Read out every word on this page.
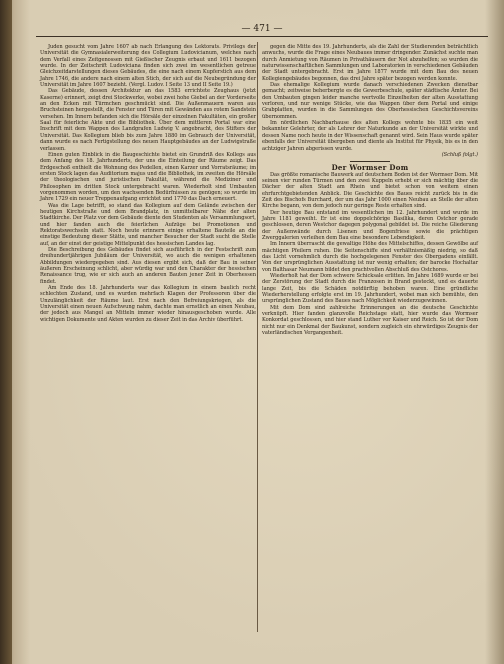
— 471 —

Juden gesucht vom Jahre 1607 ab nach Erlangung des Lektorats. Privilegs der Universität die Gymnasialerweiterung des Collegium Ludovicianum, welches nach dem Verfall eines Zeitgenossen mit Gießischer Zeugnis erbaut und 1611 bezogen wurde. In der Zeitschrift Ludoviciana finden sich zwei im wesentlichen getreue Gleichzeitdarstellungen dieses Gebäudes, die eine nach einem Kupferstich aus dem Jahre 1746, die andere nach einem alten Stich, der sich auf die Neubegründung der Universität im Jahre 1607 bezieht. (Vergl. Ludov. I Seite 13 und II Seite 19.)

Das Gebäude, dessen Architektur an das 1583 errichtete Zeughaus (jetzt Kaserne) erinnert, zeigt drei Stockwerke, wobei zwei hohe Giebel an der Vorderseite an den Ecken mit Türmchen geschmückt sind. Die Außenmauern waren aus Bruchsteinen hergestellt, die Fenster und Türen mit Gewänden aus rotem Sandstein versehen. Im Innern befanden sich die Hörsäle der einzelnen Fakultäten, ein großer Saal für feierliche Akte und die Bibliothek. Über dem mittleren Portal war eine Inschrift mit dem Wappen des Landgrafen Ludwig V. angebracht, des Stifters der Universität. Das Kollegium blieb bis zum Jahre 1880 im Gebrauch der Universität, dann wurde es nach Fertigstellung des neuen Hauptgebäudes an der Ludwigstraße verlassen.

Einen guten Einblick in die Baugeschichte bietet ein Grundriß des Kollegs aus dem Anfang des 18. Jahrhunderts, der uns die Einteilung der Räume zeigt. Das Erdgeschoß enthielt die Wohnung des Pedellen, einen Karzer und Vorratsräume; im ersten Stock lagen das Auditorium majus und die Bibliothek, im zweiten die Hörsäle der theologischen und juristischen Fakultät, während die Mediziner und Philosophen im dritten Stock untergebracht waren. Wiederholt sind Umbauten vorgenommen worden, um den wachsenden Bedürfnissen zu genügen; so wurde im Jahre 1729 ein neuer Treppenaufgang errichtet und 1770 das Dach erneuert.

Was die Lage betrifft, so stand das Kollegium auf dem Gelände zwischen der heutigen Kirchstraße und dem Brandplatz, in unmittelbarer Nähe der alten Stadtkirche. Der Platz vor dem Gebäude diente den Studenten als Versammlungsort, und hier fanden auch die feierlichen Aufzüge bei Promotionen und Rektoratswechseln statt. Noch heute erinnern einige erhaltene Bauteile an die einstige Bedeutung dieser Stätte, und mancher Besucher der Stadt sucht die Stelle auf, an der einst der geistige Mittelpunkt des hessischen Landes lag.

Die Beschreibung des Gebäudes findet sich ausführlich in der Festschrift zum dreihundertjährigen Jubiläum der Universität, wo auch die wenigen erhaltenen Abbildungen wiedergegeben sind. Aus diesen ergibt sich, daß der Bau in seiner äußeren Erscheinung schlicht, aber würdig war und den Charakter der hessischen Renaissance trug, wie er sich auch an anderen Bauten jener Zeit in Oberhessen findet.

Am Ende des 18. Jahrhunderts war das Kollegium in einem baulich recht schlechten Zustand, und es wurden mehrfach Klagen der Professoren über die Unzulänglichkeit der Räume laut. Erst nach den Befreiungskriegen, als die Universität einen neuen Aufschwung nahm, dachte man ernstlich an einen Neubau, der jedoch aus Mangel an Mitteln immer wieder hinausgeschoben wurde. Alle wichtigen Dokumente und Akten wurden zu dieser Zeit in das Archiv überführt.

gegen die Mitte des 19. Jahrhunderts, als die Zahl der Studierenden beträchtlich anwuchs, wurde die Frage eines Neubaues immer dringender. Zunächst suchte man durch Anmietung von Räumen in Privathäusern der Not abzuhelfen; so wurden die naturwissenschaftlichen Sammlungen und Laboratorien in verschiedenen Gebäuden der Stadt untergebracht. Erst im Jahre 1877 wurde mit dem Bau des neuen Kollegiengebäudes begonnen, das drei Jahre später bezogen werden konnte.

Das ehemalige Kollegium wurde danach verschiedenen Zwecken dienstbar gemacht; zeitweise beherbergte es die Gewerbeschule, später städtische Ämter. Bei den Umbauten gingen leider manche wertvolle Einzelheiten der alten Ausstattung verloren, und nur wenige Stücke, wie das Wappen über dem Portal und einige Grabplatten, wurden in die Sammlungen des Oberhessischen Geschichtsvereins übernommen.

Im nördlichen Nachbarhause des alten Kollegs wohnte bis 1835 ein weit bekannter Gelehrter, der als Lehrer der Naturkunde an der Universität wirkte und dessen Name noch heute in der Wissenschaft genannt wird. Sein Haus wurde später ebenfalls der Universität übergeben und diente als Institut für Physik, bis es in den achtziger Jahren abgerissen wurde.

(Schluß folgt.)

Der Wormser Dom

Das größte romanische Bauwerk auf deutschem Boden ist der Wormser Dom. Mit seinen vier runden Türmen und den zwei Kuppeln erhebt er sich mächtig über die Dächer der alten Stadt am Rhein und bietet schon von weitem einen ehrfurchtgebietenden Anblick. Die Geschichte des Baues reicht zurück bis in die Zeit des Bischofs Burchard, der um das Jahr 1000 einen Neubau an Stelle der alten Kirche begann, von dem jedoch nur geringe Reste erhalten sind.

Der heutige Bau entstand im wesentlichen im 12. Jahrhundert und wurde im Jahre 1181 geweiht. Er ist eine doppelchörige Basilika, deren Ostchor gerade geschlossen, deren Westchor dagegen polygonal gebildet ist. Die reiche Gliederung der Außenwände durch Lisenen und Bogenfriese sowie die prächtigen Zwerggalerien verleihen dem Bau eine besondere Lebendigkeit.

Im Innern überrascht die gewaltige Höhe des Mittelschiffes, dessen Gewölbe auf mächtigen Pfeilern ruhen. Die Seitenschiffe sind verhältnismäßig niedrig, so daß das Licht vornehmlich durch die hochgelegenen Fenster des Obergadens einfällt. Von der ursprünglichen Ausstattung ist nur wenig erhalten; der barocke Hochaltar von Balthasar Neumann bildet den prachtvollen Abschluß des Ostchores.

Wiederholt hat der Dom schwere Schicksale erlitten. Im Jahre 1689 wurde er bei der Zerstörung der Stadt durch die Franzosen in Brand gesteckt, und es dauerte lange Zeit, bis die Schäden notdürftig behoben waren. Eine gründliche Wiederherstellung erfolgte erst im 19. Jahrhundert, wobei man sich bemühte, den ursprünglichen Zustand des Baues nach Möglichkeit wiederzugewinnen.

Mit dem Dom sind zahlreiche Erinnerungen an die deutsche Geschichte verknüpft. Hier fanden glanzvolle Reichstage statt, hier wurde das Wormser Konkordat geschlossen, und hier stand Luther vor Kaiser und Reich. So ist der Dom nicht nur ein Denkmal der Baukunst, sondern zugleich ein ehrwürdiges Zeugnis der vaterländischen Vergangenheit.
